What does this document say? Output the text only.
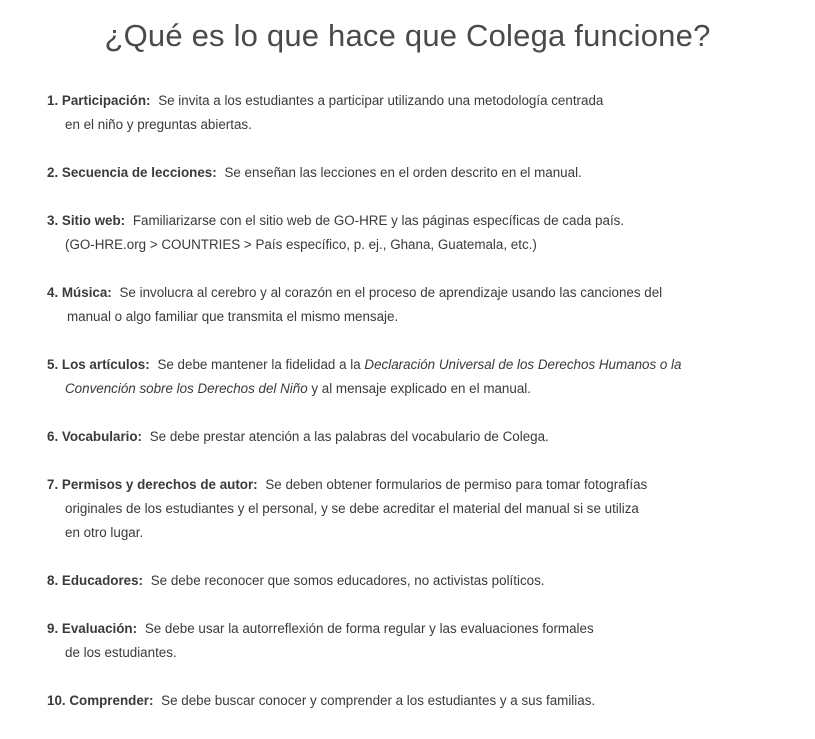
¿Qué es lo que hace que Colega funcione?
1. Participación: Se invita a los estudiantes a participar utilizando una metodología centrada
en el niño y preguntas abiertas.
2. Secuencia de lecciones: Se enseñan las lecciones en el orden descrito en el manual.
3. Sitio web: Familiarizarse con el sitio web de GO-HRE y las páginas específicas de cada país.
(GO-HRE.org > COUNTRIES > País específico, p. ej., Ghana, Guatemala, etc.)
4. Música: Se involucra al cerebro y al corazón en el proceso de aprendizaje usando las canciones del
manual o algo familiar que transmita el mismo mensaje.
5. Los artículos: Se debe mantener la fidelidad a la Declaración Universal de los Derechos Humanos o la
Convención sobre los Derechos del Niño y al mensaje explicado en el manual.
6. Vocabulario: Se debe prestar atención a las palabras del vocabulario de Colega.
7. Permisos y derechos de autor: Se deben obtener formularios de permiso para tomar fotografías
originales de los estudiantes y el personal, y se debe acreditar el material del manual si se utiliza
en otro lugar.
8. Educadores: Se debe reconocer que somos educadores, no activistas políticos.
9. Evaluación: Se debe usar la autorreflexión de forma regular y las evaluaciones formales
de los estudiantes.
10. Comprender: Se debe buscar conocer y comprender a los estudiantes y a sus familias.
